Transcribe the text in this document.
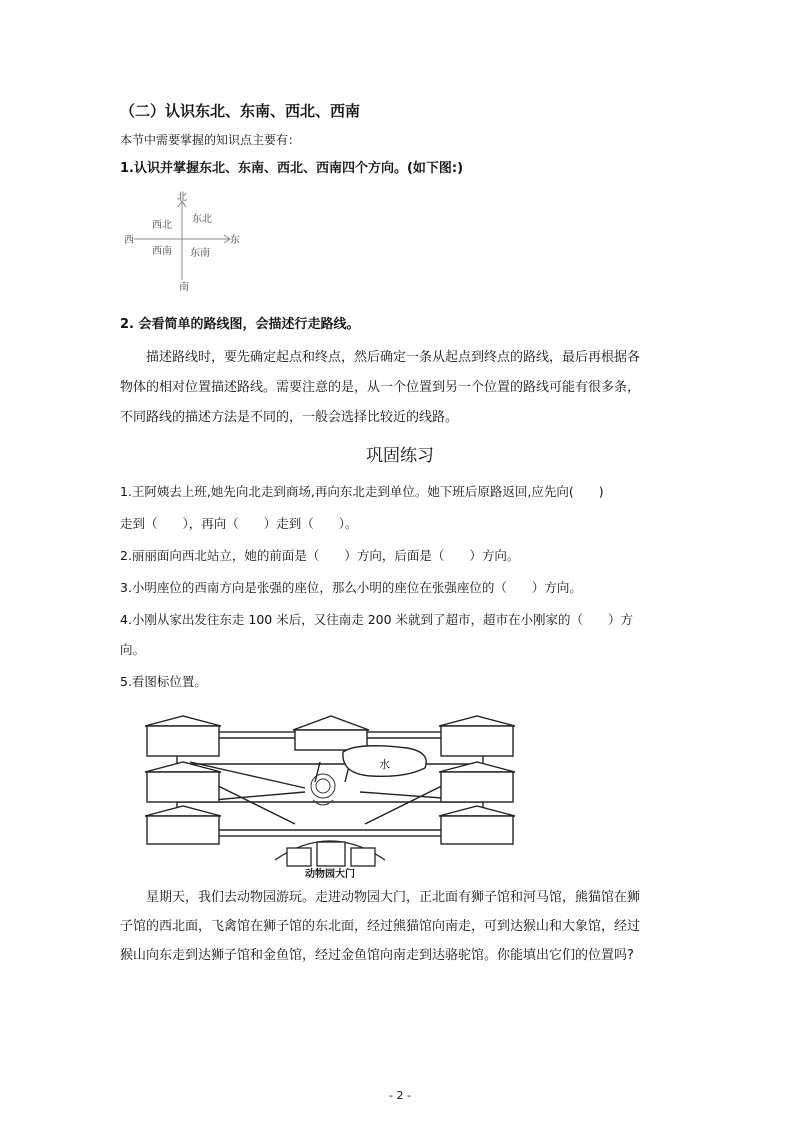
（二）认识东北、东南、西北、西南
本节中需要掌握的知识点主要有：
1.认识并掌握东北、东南、西北、西南四个方向。(如下图:)
北
南
西	东
西北
东北
西南 东南
2. 会看简单的路线图，会描述行走路线。
描述路线时，要先确定起点和终点，然后确定一条从起点到终点的路线，最后再根据各
物体的相对位置描述路线。需要注意的是，从一个位置到另一个位置的路线可能有很多条，
不同路线的描述方法是不同的，一般会选择比较近的线路。
巩固练习
1.王阿姨去上班,她先向北走到商场,再向东北走到单位。她下班后原路返回,应先向(　　)
走到（　　），再向（　　）走到（　　）。
2.丽丽面向西北站立，她的前面是（　　）方向，后面是（　　）方向。
3.小明座位的西南方向是张强的座位，那么小明的座位在张强座位的（　　）方向。
4.小刚从家出发往东走 100 米后，又往南走 200 米就到了超市，超市在小刚家的（　　）方
向。
5.看图标位置。
水
动物园大门
星期天，我们去动物园游玩。走进动物园大门，正北面有狮子馆和河马馆，熊猫馆在狮
子馆的西北面，飞禽馆在狮子馆的东北面，经过熊猫馆向南走，可到达猴山和大象馆，经过
猴山向东走到达狮子馆和金鱼馆，经过金鱼馆向南走到达骆驼馆。你能填出它们的位置吗?
- 2 -
